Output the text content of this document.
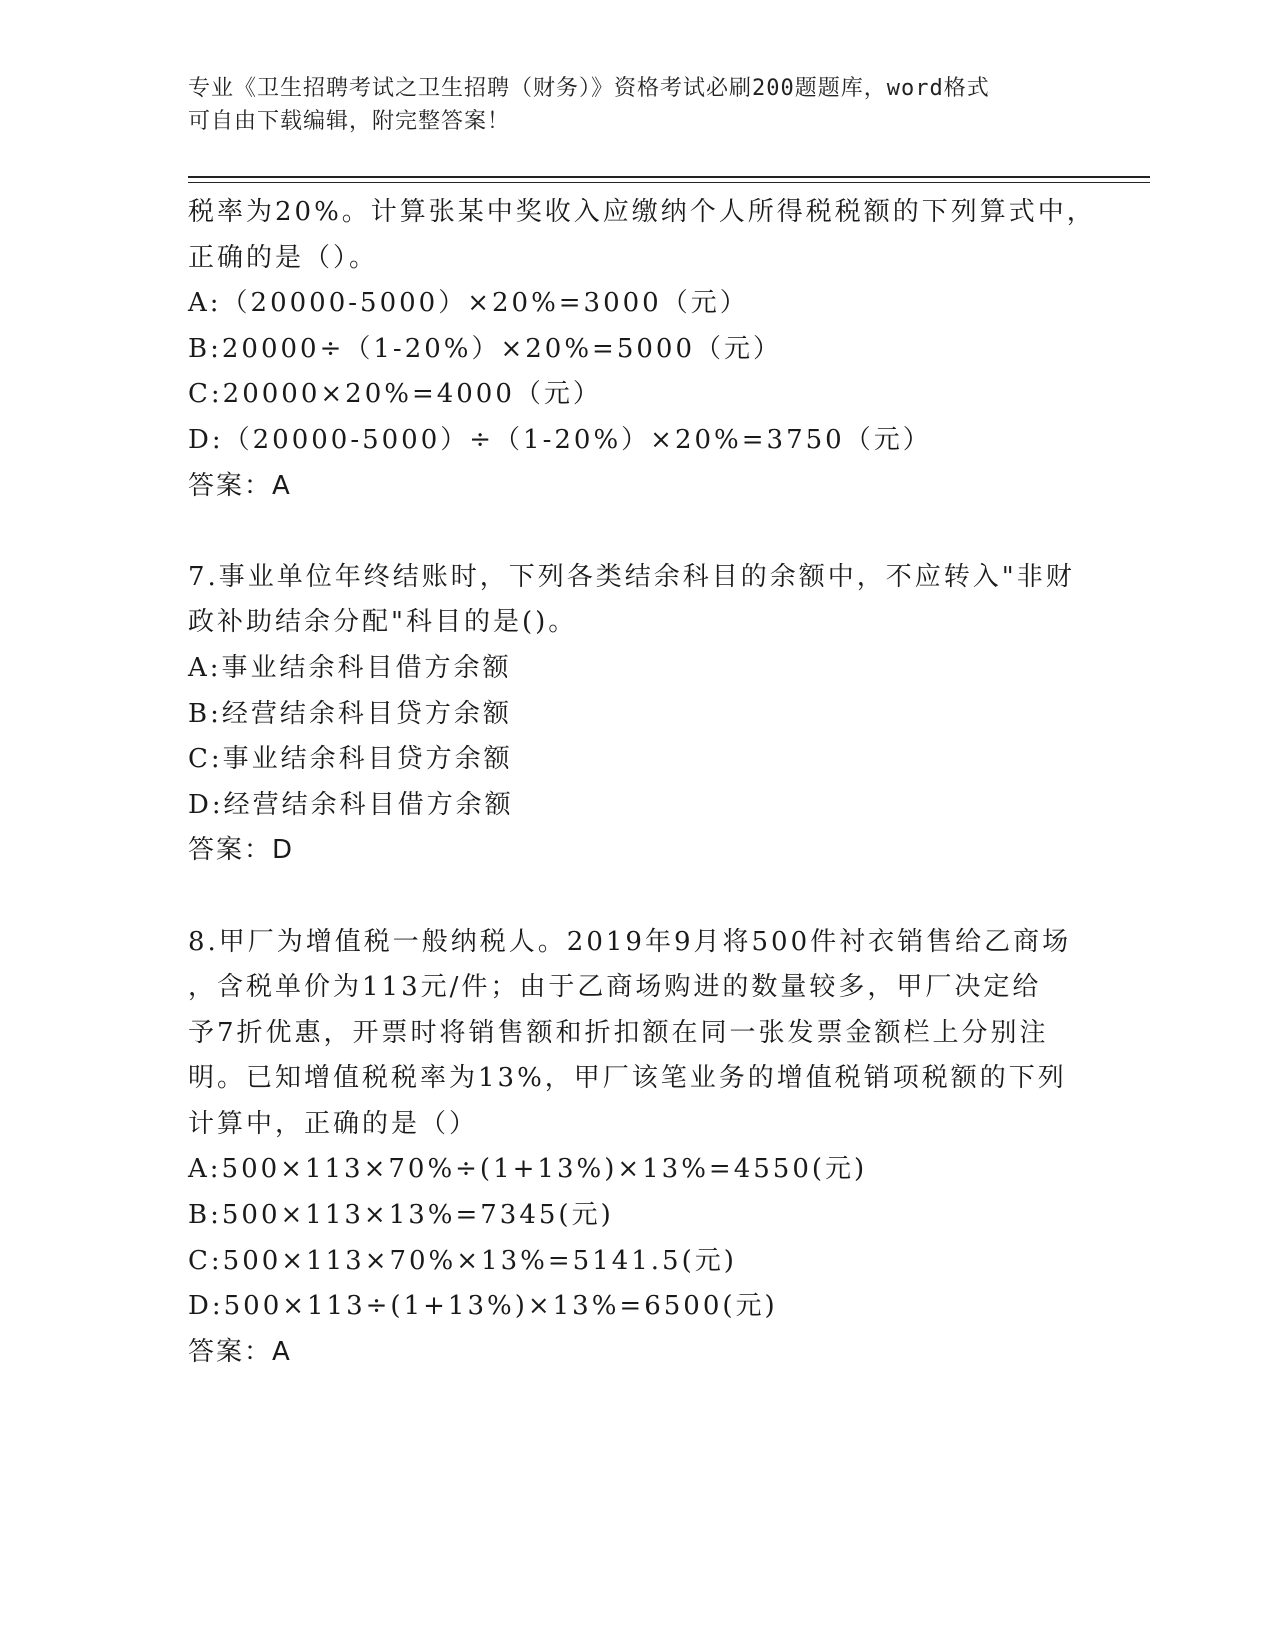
专业《卫生招聘考试之卫生招聘（财务）》资格考试必刷200题题库，word格式
可自由下载编辑，附完整答案！
税率为20%。计算张某中奖收入应缴纳个人所得税税额的下列算式中，
正确的是（）。
A:（20000-5000）×20%=3000（元）
B:20000÷（1-20%）×20%=5000（元）
C:20000×20%=4000（元）
D:（20000-5000）÷（1-20%）×20%=3750（元）
答案：A
7.事业单位年终结账时，下列各类结余科目的余额中，不应转入"非财
政补助结余分配"科目的是()。
A:事业结余科目借方余额
B:经营结余科目贷方余额
C:事业结余科目贷方余额
D:经营结余科目借方余额
答案：D
8.甲厂为增值税一般纳税人。2019年9月将500件衬衣销售给乙商场
，含税单价为113元/件；由于乙商场购进的数量较多，甲厂决定给
予7折优惠，开票时将销售额和折扣额在同一张发票金额栏上分别注
明。已知增值税税率为13%，甲厂该笔业务的增值税销项税额的下列
计算中，正确的是（）
A:500×113×70%÷(1+13%)×13%=4550(元)
B:500×113×13%=7345(元)
C:500×113×70%×13%=5141.5(元)
D:500×113÷(1+13%)×13%=6500(元)
答案：A
